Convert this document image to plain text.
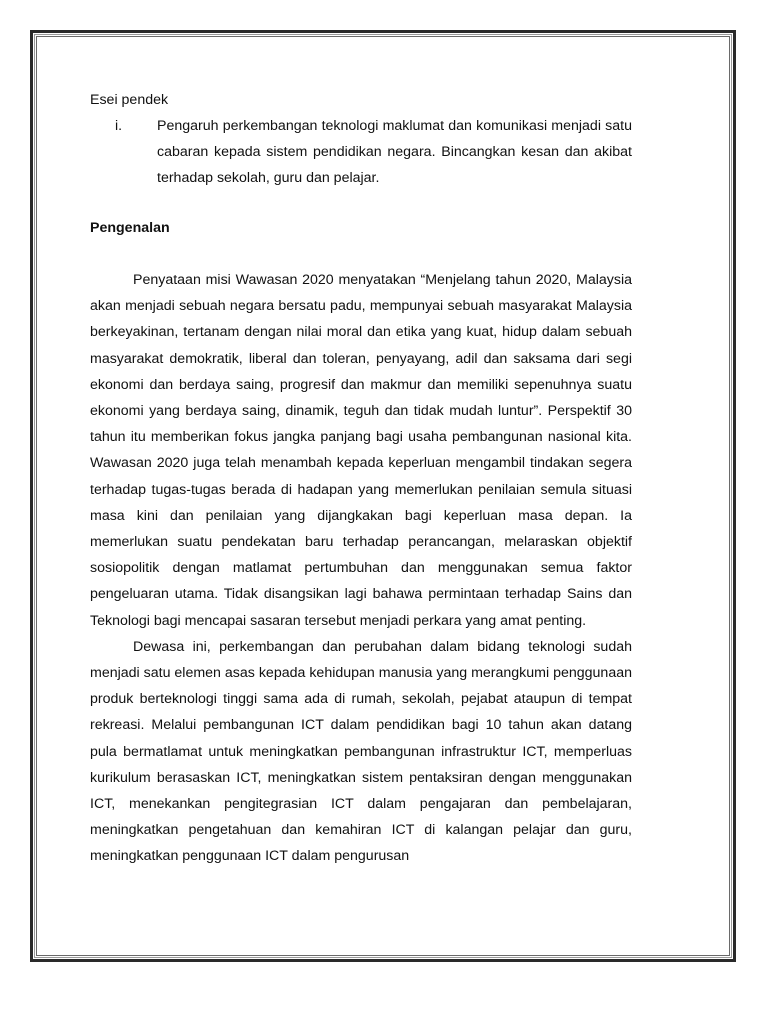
Esei pendek

i. Pengaruh perkembangan teknologi maklumat dan komunikasi menjadi satu cabaran kepada sistem pendidikan negara. Bincangkan kesan dan akibat terhadap sekolah, guru dan pelajar.

Pengenalan

Penyataan misi Wawasan 2020 menyatakan “Menjelang tahun 2020, Malaysia akan menjadi sebuah negara bersatu padu, mempunyai sebuah masyarakat Malaysia berkeyakinan, tertanam dengan nilai moral dan etika yang kuat, hidup dalam sebuah masyarakat demokratik, liberal dan toleran, penyayang, adil dan saksama dari segi ekonomi dan berdaya saing, progresif dan makmur dan memiliki sepenuhnya suatu ekonomi yang berdaya saing, dinamik, teguh dan tidak mudah luntur”. Perspektif 30 tahun itu memberikan fokus jangka panjang bagi usaha pembangunan nasional kita. Wawasan 2020 juga telah menambah kepada keperluan mengambil tindakan segera terhadap tugas-tugas berada di hadapan yang memerlukan penilaian semula situasi masa kini dan penilaian yang dijangkakan bagi keperluan masa depan. Ia memerlukan suatu pendekatan baru terhadap perancangan, melaraskan objektif sosiopolitik dengan matlamat pertumbuhan dan menggunakan semua faktor pengeluaran utama. Tidak disangsikan lagi bahawa permintaan terhadap Sains dan Teknologi bagi mencapai sasaran tersebut menjadi perkara yang amat penting.

Dewasa ini, perkembangan dan perubahan dalam bidang teknologi sudah menjadi satu elemen asas kepada kehidupan manusia yang merangkumi penggunaan produk berteknologi tinggi sama ada di rumah, sekolah, pejabat ataupun di tempat rekreasi. Melalui pembangunan ICT dalam pendidikan bagi 10 tahun akan datang pula bermatlamat untuk meningkatkan pembangunan infrastruktur ICT, memperluas kurikulum berasaskan ICT, meningkatkan sistem pentaksiran dengan menggunakan ICT, menekankan pengitegrasian ICT dalam pengajaran dan pembelajaran, meningkatkan pengetahuan dan kemahiran ICT di kalangan pelajar dan guru, meningkatkan penggunaan ICT dalam pengurusan
